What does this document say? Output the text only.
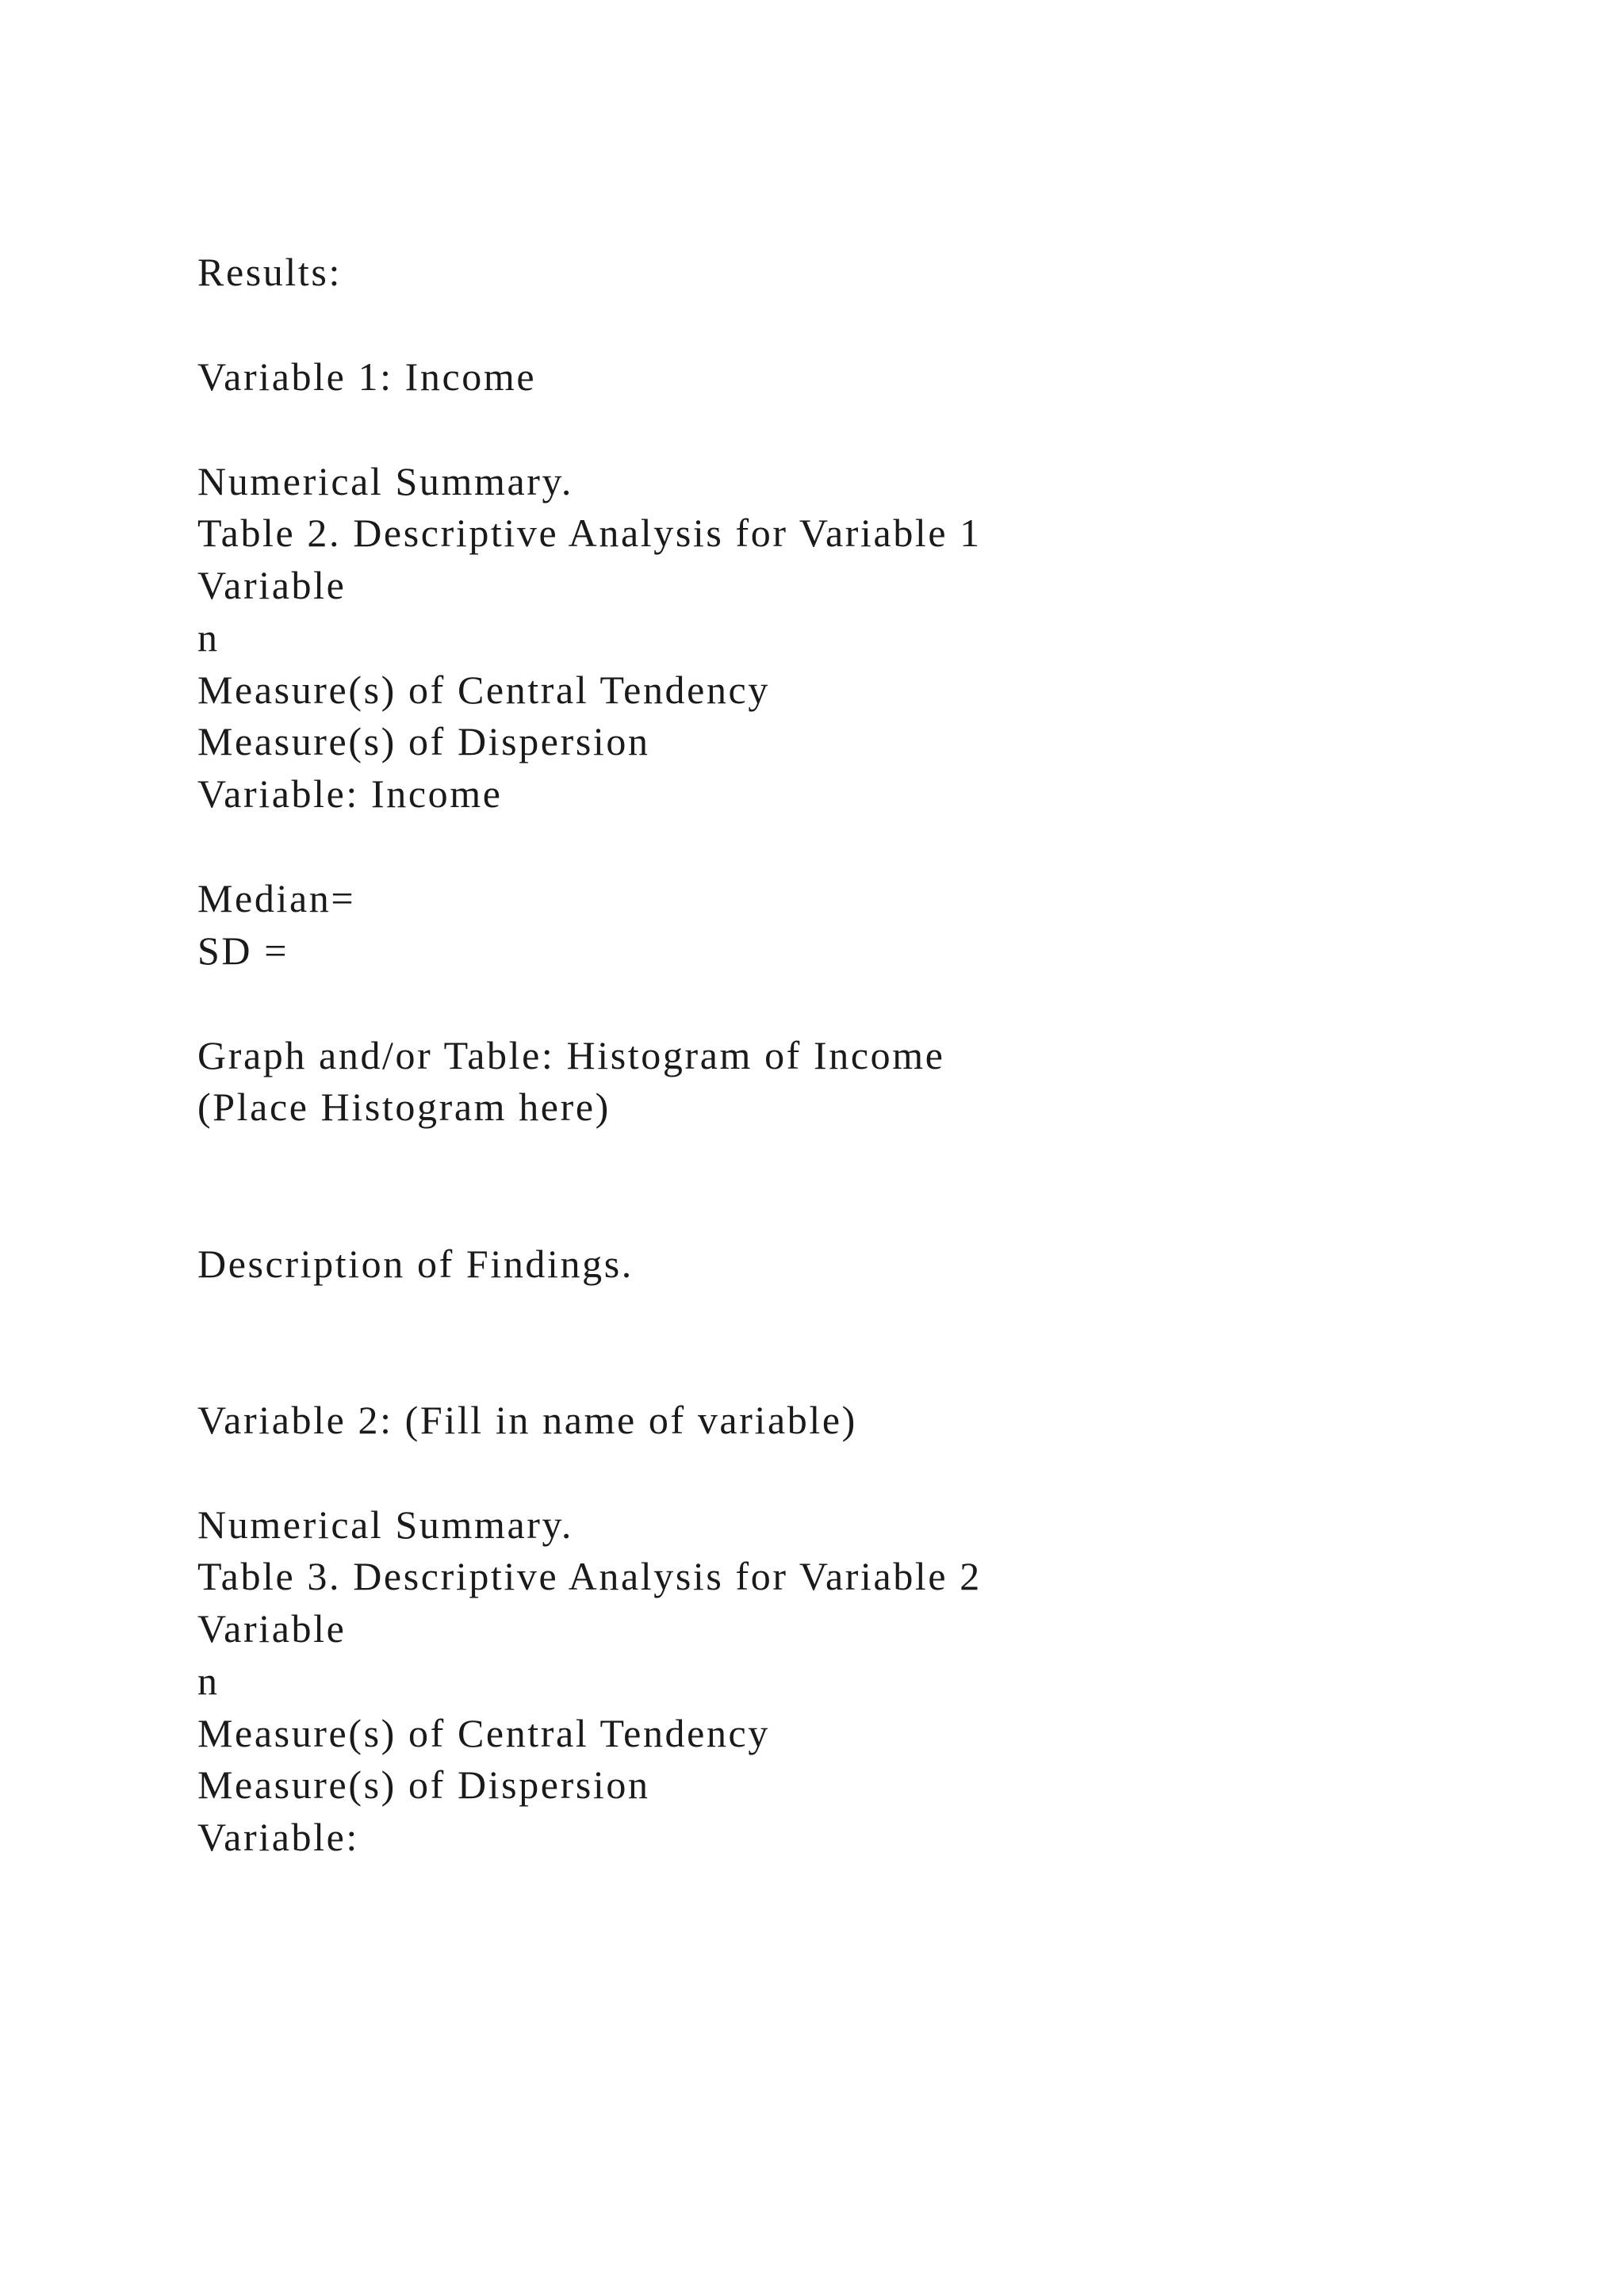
Results:

Variable 1: Income

Numerical Summary.

Table 2. Descriptive Analysis for Variable 1

Variable

n

Measure(s) of Central Tendency

Measure(s) of Dispersion

Variable: Income

Median=

SD =

Graph and/or Table: Histogram of Income

(Place Histogram here)

Description of Findings.

Variable 2: (Fill in name of variable)

Numerical Summary.

Table 3. Descriptive Analysis for Variable 2

Variable

n

Measure(s) of Central Tendency

Measure(s) of Dispersion

Variable:
